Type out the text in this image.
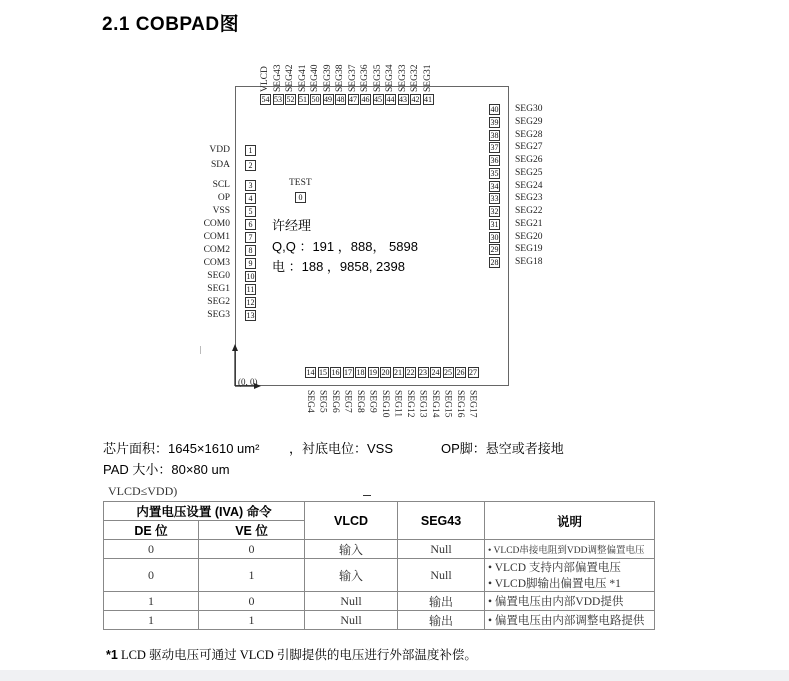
2.1 COBPAD图
54
VLCD
53
SEG43
52
SEG42
51
SEG41
50
SEG40
49
SEG39
48
SEG38
47
SEG37
46
SEG36
45
SEG35
44
SEG34
43
SEG33
42
SEG32
41
SEG31
40 SEG30
39 SEG29
38 SEG28
37 SEG27
36 SEG26
35 SEG25
34 SEG24
33 SEG23
32 SEG22
31 SEG21
30 SEG20
29 SEG19
28 SEG18
1
VDD
2
SDA
3
SCL
4
OP
5
VSS
6
COM0
7
COM1
8
COM2
9
COM3
10
SEG0
11
SEG1
12
SEG2
13
SEG3
14
SEG4
15
SEG5
16
SEG6
17
SEG7
18
SEG8
19
SEG9
20
SEG10
21
SEG11
22
SEG12
23
SEG13
24
SEG14
25
SEG15
26
SEG16
27
SEG17
(0, 0)
TEST
0
许经理
Q,Q ：191 ，888， 5898
电 ：188 ，9858, 2398
芯片面积：1645×1610 um² ，衬底电位：VSS	OP脚：悬空或者接地
PAD 大小：80×80 um
VLCD≤VDD)
内置电压设置 (IVA) 命令		VLCD	SEG43	说明
DE 位	VE 位			
0	0	输入	Null	• VLCD串接电阻到VDD调整偏置电压

0	1	输入	Null	• VLCD 支持内部偏置电压
• VLCD脚输出偏置电压 *1

1	0	Null	输出	• 偏置电压由内部VDD提供

1	1	Null	输出	• 偏置电压由内部调整电路提供
*1 LCD 驱动电压可通过 VLCD 引脚提供的电压进行外部温度补偿。
